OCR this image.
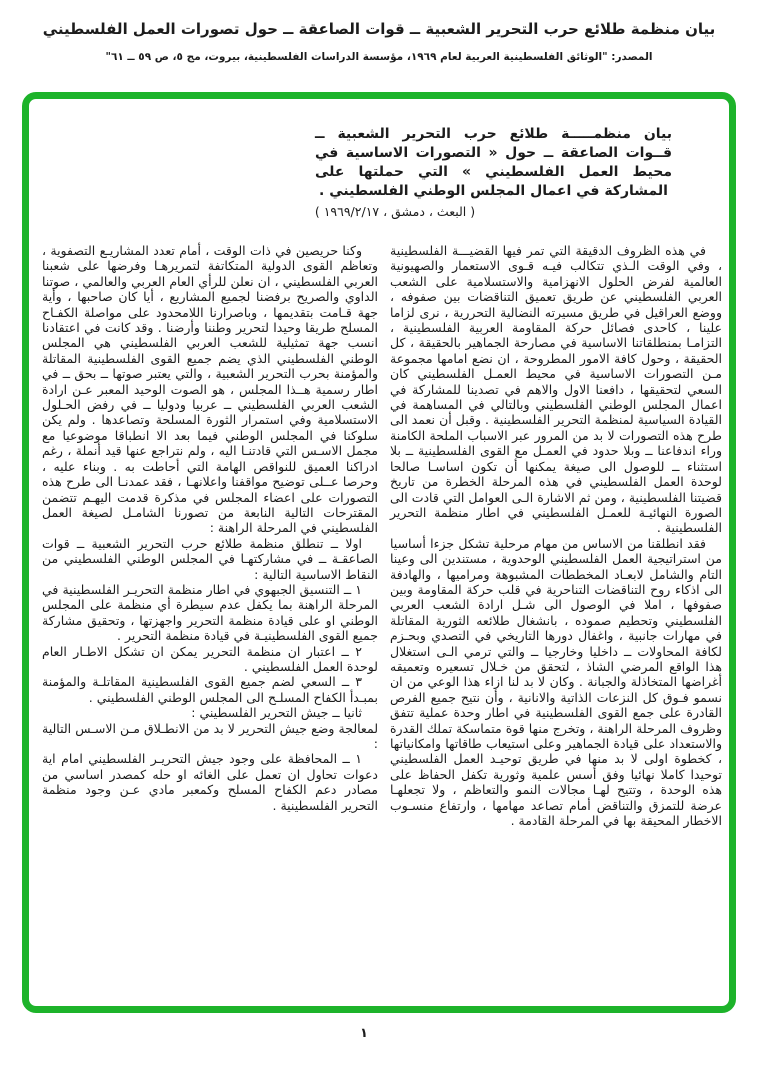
بيان منظمة طلائع حرب التحرير الشعبية ــ قوات الصاعقة ــ حول تصورات العمل الفلسطيني
المصدر: "الوثائق الفلسطينية العربية لعام ١٩٦٩، مؤسسة الدراسات الفلسطينية، بيروت، مج ٥، ص ٥٩ ــ ٦١"
بيان منظمـــــة طلائع حرب التحرير الشعبية ــ قــوات الصاعقة ــ حول « التصورات الاساسية في محيط العمل الفلسطيني » التي حملتها على المشاركة في اعمال المجلس الوطني الفلسطيني .
( البعث ، دمشق ، ١٩٦٩/٢/١٧ )

في هذه الظروف الدقيقة التي تمر فيها القضيـــة الفلسطينية ، وفي الوقت الـذي تتكالب فيـه قـوى الاستعمار والصهيونية العالمية لفرض الحلول الانهزامية والاستسلامية على الشعب العربي الفلسطيني عن طريق تعميق التناقضات بين صفوفه ، ووضع العراقيل في طريق مسيرته النضالية التحررية ، نرى لزاما علينا ، كاحدى فصائل حركة المقاومة العربية الفلسطينية ، التزامـا بمنطلقاتنا الاساسية في مصارحة الجماهير بالحقيقة ، كل الحقيقة ، وحول كافة الامور المطروحة ، ان نضع امامها مجموعة مـن التصورات الاساسية في محيط العمـل الفلسطيني كان السعي لتحقيقها ، دافعنا الاول والاهم في تصدينا للمشاركة في اعمال المجلس الوطني الفلسطيني وبالتالي في المساهمة في القيادة السياسية لمنظمة التحرير الفلسطينية . وقبل أن نعمد الى طرح هذه التصورات لا بد من المرور عبر الاسباب الملحة الكامنة وراء اندفاعنا ــ وبلا حدود في العمـل مع القوى الفلسطينية ــ بلا استثناء ــ للوصول الى صيغة يمكنها أن تكون اساسـا صالحا لوحدة العمل الفلسطيني في هذه المرحلة الخطرة من تاريخ قضيتنا الفلسطينية ، ومن ثم الاشارة الـى العوامل التي قادت الى الصورة النهائيـة للعمـل الفلسطيني في اطار منظمة التحرير الفلسطينية .

فقد انطلقنا من الاساس من مهام مرحلية تشكل جزءا أساسيا من استراتيجية العمل الفلسطيني الوحدوية ، مستندين الى وعينا التام والشامل لابعـاد المخططات المشبوهة ومراميها ، والهادفة الى اذكاء روح التناقضات التناحرية في قلب حركة المقاومة وبين صفوفها ، املا في الوصول الى شـل ارادة الشعب العربي الفلسطيني وتحطيم صموده ، بانشغال طلائعه الثورية المقاتلة في مهارات جانبية ، واغفال دورها التاريخي في التصدي وبحـزم لكافة المحاولات ــ داخليا وخارجيا ــ والتي ترمي الـى استغلال هذا الواقع المرضي الشاذ ، لتحقق من خـلال تسعيره وتعميقه أغراضها المتخاذلة والجبانة . وكان لا بد لنا ازاء هذا الوعي من ان نسمو فـوق كل النزعات الذاتية والانانية ، وأن نتيح جميع الفرص القادرة على جمع القوى الفلسطينية في اطار وحدة عملية تتفق وظروف المرحلة الراهنة ، وتخرج منها قوة متماسكة تملك القدرة والاستعداد على قيادة الجماهير وعلى استيعاب طاقاتها وامكانياتها ، كخطوة اولى لا بد منها في طريق توحيـد العمل الفلسطيني توحيدا كاملا نهائيا وفق أسس علمية وثورية تكفل الحفاظ على هذه الوحدة ، وتتيح لهـا مجالات النمو والتعاظم ، ولا تجعلهـا عرضة للتمزق والتناقض أمام تصاعد مهامها ، وارتفاع منسـوب الاخطار المحيقة بها في المرحلة القادمة .

وكنا حريصين في ذات الوقت ، أمام تعدد المشاريـع التصفوية ، وتعاظم القوى الدولية المتكاتفة لتمريرهـا وفرضها على شعبنا العربي الفلسطيني ، ان نعلن للرأي العام العربي والعالمي ، صوتنا الداوي والصريح برفضنا لجميع المشاريع ، أيا كان صاحبها ، وأية جهة قـامت بتقديمها ، وباصرارنا اللامحدود على مواصلة الكفـاح المسلح طريقا وحيدا لتحرير وطننا وأرضنا . وقد كانت في اعتقادنا انسب جهة تمثيلية للشعب العربي الفلسطيني هي المجلس الوطني الفلسطيني الذي يضم جميع القوى الفلسطينية المقاتلة والمؤمنة بحرب التحرير الشعبية ، والتي يعتبر صوتها ــ بحق ــ في اطار رسمية هــذا المجلس ، هو الصوت الوحيد المعبر عـن ارادة الشعب العربي الفلسطيني ــ عربيا ودوليا ــ في رفض الحـلول الاستسلامية وفي استمرار الثورة المسلحة وتصاعدها . ولم يكن سلوكنا في المجلس الوطني فيما بعد الا انطباقا موضوعيا مع مجمل الاسـس التي قادتنـا اليه ، ولم نتراجع عنها قيد أنملة ، رغم ادراكنا العميق للنواقص الهامة التي أحاطت به . وبناء عليه ، وحرصا عــلى توضيح مواقفنا واعلانهـا ، فقد عمدنـا الى طرح هذه التصورات على اعضاء المجلس في مذكرة قدمت اليهـم تتضمن المقترحات التالية النابعة من تصورنا الشامـل لصيغة العمل الفلسطيني في المرحلة الراهنة :

اولا ــ تنطلق منظمة طلائع حرب التحرير الشعبية ــ قوات الصاعقـة ــ في مشاركتهـا في المجلس الوطني الفلسطيني من النقاط الاساسية التالية :

١ ــ التنسيق الجبهوي في اطار منظمة التحريـر الفلسطينية في المرحلة الراهنة بما يكفل عدم سيطرة أي منظمة على المجلس الوطني او على قيادة منظمة التحرير واجهزتها ، وتحقيق مشاركة جميع القوى الفلسطينيـة في قيادة منظمة التحرير .

٢ ــ اعتبار ان منظمة التحرير يمكن ان تشكل الاطـار العام لوحدة العمل الفلسطيني .

٣ ــ السعي لضم جميع القوى الفلسطينية المقاتلـة والمؤمنة بمبـدأ الكفاح المسلـح الى المجلس الوطني الفلسطيني .

ثانيا ــ جيش التحرير الفلسطيني :

لمعالجة وضع جيش التحرير لا بد من الانطـلاق مـن الاسـس التالية :

١ ــ المحافظة على وجود جيش التحريـر الفلسطيني امام اية دعوات تحاول ان تعمل على الغائه او حله كمصدر اساسي من مصادر دعم الكفاح المسلح وكمعبر مادي عـن وجود منظمة التحرير الفلسطينية .

١
